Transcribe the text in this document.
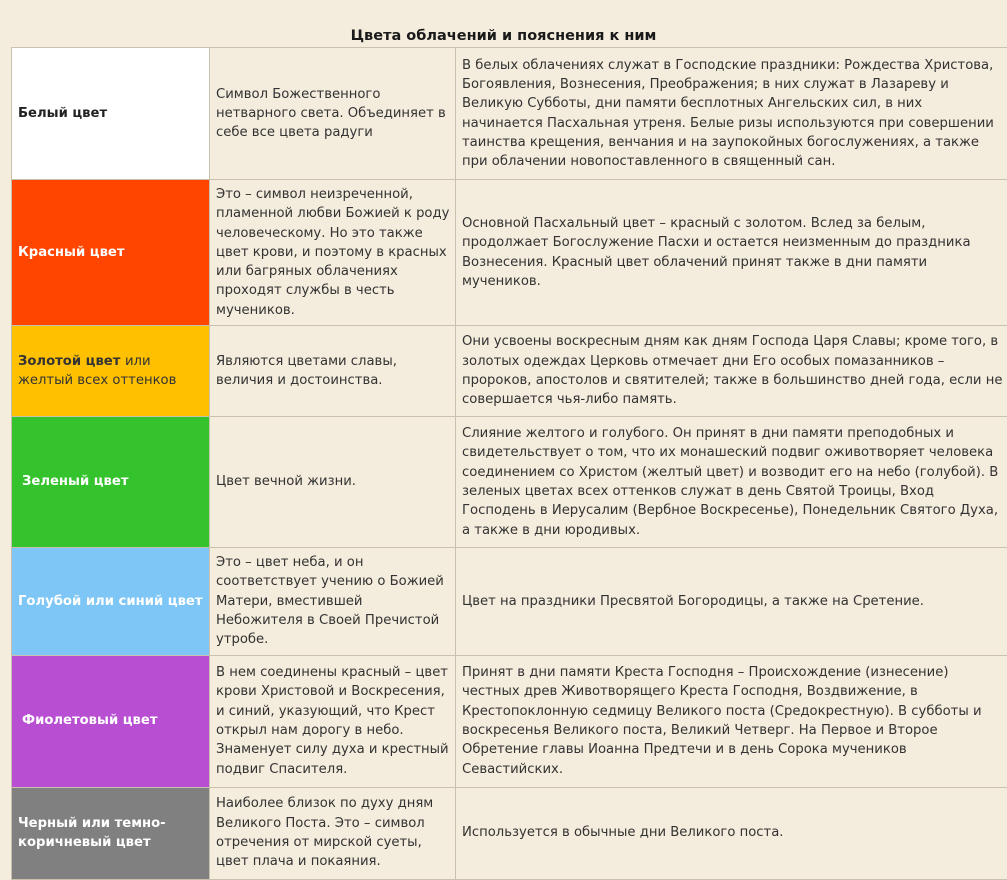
Цвета облачений и пояснения к ним
Белый цвет	Символ Божественного нетварного света. Объединяет в себе все цвета радуги	В белых облачениях служат в Господские праздники: Рождества Христова, Богоявления, Вознесения, Преображения; в них служат в Лазареву и Великую Субботы, дни памяти бесплотных Ангельских сил, в них начинается Пасхальная утреня. Белые ризы используются при совершении таинства крещения, венчания и на заупокойных богослужениях, а также при облачении новопоставленного в священный сан.
Красный цвет	Это – символ неизреченной, пламенной любви Божией к роду человеческому. Но это также цвет крови, и поэтому в красных или багряных облачениях проходят службы в честь мучеников.	Основной Пасхальный цвет – красный с золотом. Вслед за белым, продолжает Богослужение Пасхи и остается неизменным до праздника Вознесения. Красный цвет облачений принят также в дни памяти мучеников.
Золотой цвет или желтый всех оттенков	Являются цветами славы, величия и достоинства.	Они усвоены воскресным дням как дням Господа Царя Славы; кроме того, в золотых одеждах Церковь отмечает дни Его особых помазанников – пророков, апостолов и святителей; также в большинство дней года, если не совершается чья-либо память.
Зеленый цвет	Цвет вечной жизни.	Слияние желтого и голубого. Он принят в дни памяти преподобных и свидетельствует о том, что их монашеский подвиг оживотворяет человека соединением со Христом (желтый цвет) и возводит его на небо (голубой). В зеленых цветах всех оттенков служат в день Святой Троицы, Вход Господень в Иерусалим (Вербное Воскресенье), Понедельник Святого Духа, а также в дни юродивых.
Голубой или синий цвет	Это – цвет неба, и он соответствует учению о Божией Матери, вместившей Небожителя в Своей Пречистой утробе.	Цвет на праздники Пресвятой Богородицы, а также на Сретение.
Фиолетовый цвет	В нем соединены красный – цвет крови Христовой и Воскресения, и синий, указующий, что Крест открыл нам дорогу в небо. Знаменует силу духа и крестный подвиг Спасителя.	Принят в дни памяти Креста Господня – Происхождение (изнесение) честных древ Животворящего Креста Господня, Воздвижение, в Крестопоклонную седмицу Великого поста (Средокрестную). В субботы и воскресенья Великого поста, Великий Четверг. На Первое и Второе Обретение главы Иоанна Предтечи и в день Сорока мучеников Севастийских.
Черный или темно-коричневый цвет	Наиболее близок по духу дням Великого Поста. Это – символ отречения от мирской суеты, цвет плача и покаяния.	Используется в обычные дни Великого поста.
